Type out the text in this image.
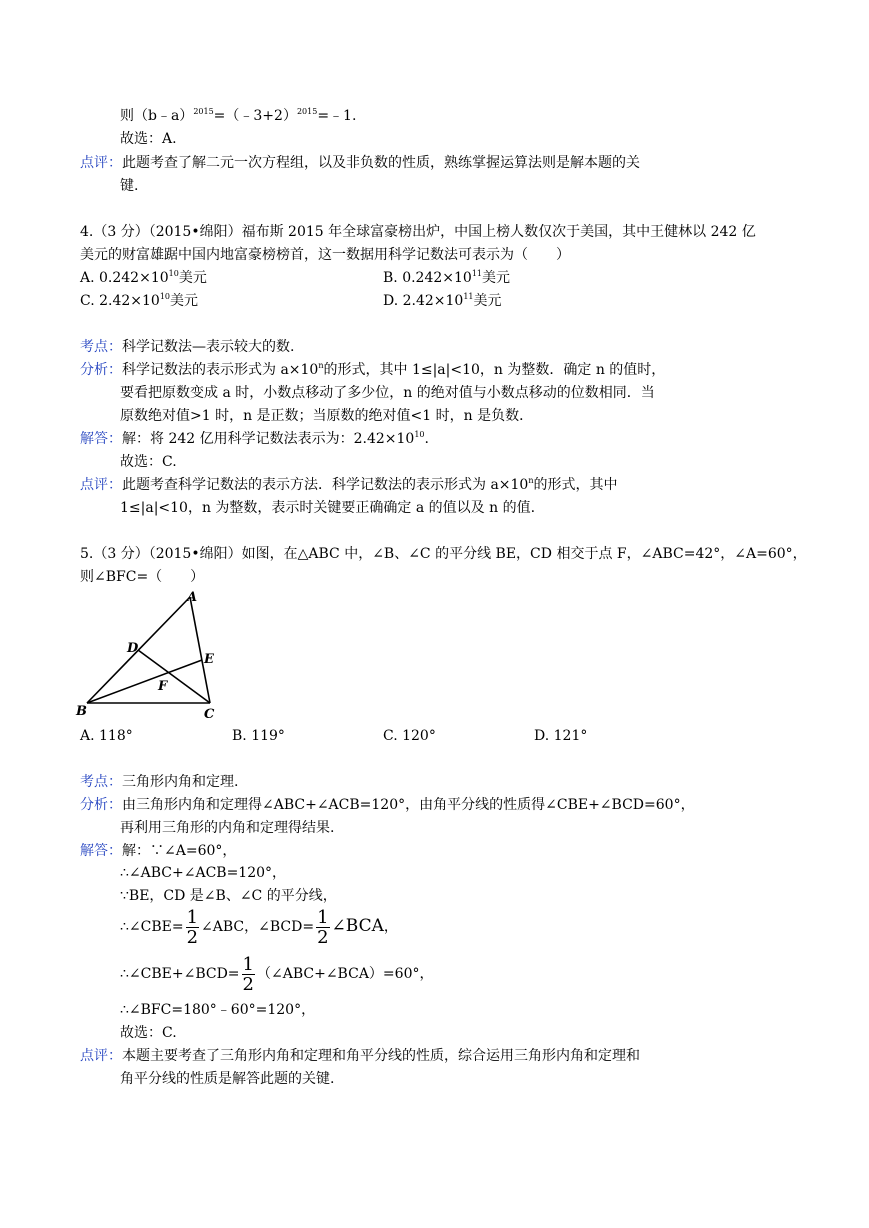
则（b﹣a）$^{2015}$=（﹣3+2）$^{2015}$=﹣1.
故选：A.
点评：此题考查了解二元一次方程组，以及非负数的性质，熟练掌握运算法则是解本题的关
键.
4.（3 分）（2015•绵阳）福布斯 2015 年全球富豪榜出炉，中国上榜人数仅次于美国，其中王健林以 242 亿
美元的财富雄踞中国内地富豪榜榜首，这一数据用科学记数法可表示为（　　）
A. $0.242\times 10^{10}$美元	B. $0.242\times 10^{11}$美元
C. $2.42\times 10^{10}$美元	D. $2.42\times 10^{11}$美元
考点：科学记数法—表示较大的数.
分析：科学记数法的表示形式为 $a\times 10^n$的形式，其中 1≤|a|<10，n 为整数．确定 n 的值时，
要看把原数变成 a 时，小数点移动了多少位，n 的绝对值与小数点移动的位数相同．当
原数绝对值>1 时，n 是正数；当原数的绝对值<1 时，n 是负数．
解答：解：将 242 亿用科学记数法表示为：$2.42\times 10^{10}$.
故选：C.
点评：此题考查科学记数法的表示方法．科学记数法的表示形式为 $a\times 10^n$的形式，其中
1≤|a|<10，n 为整数，表示时关键要正确确定 a 的值以及 n 的值.
5.（3 分）（2015•绵阳）如图，在△ABC 中，∠B、∠C 的平分线 BE，CD 相交于点 F，∠ABC=42°，∠A=60°，
则∠BFC=（　　）
A
B	C
D
E
F
A. 118°	B. 119°	C. 120°	D. 121°
考点：三角形内角和定理.
分析：由三角形内角和定理得∠ABC+∠ACB=120°，由角平分线的性质得∠CBE+∠BCD=60°，
再利用三角形的内角和定理得结果.
解答：解：∵∠A=60°，
∴∠ABC+∠ACB=120°，
∵BE，CD 是∠B、∠C 的平分线，
∴∠CBE= $\frac{1}{2}$ ∠ABC，∠BCD= $\frac{1}{2}$ ∠BCA，
∴∠CBE+∠BCD= $\frac{1}{2}$ （∠ABC+∠BCA）=60°，
∴∠BFC=180°﹣60°=120°，
故选：C.
点评：本题主要考查了三角形内角和定理和角平分线的性质，综合运用三角形内角和定理和
角平分线的性质是解答此题的关键.
